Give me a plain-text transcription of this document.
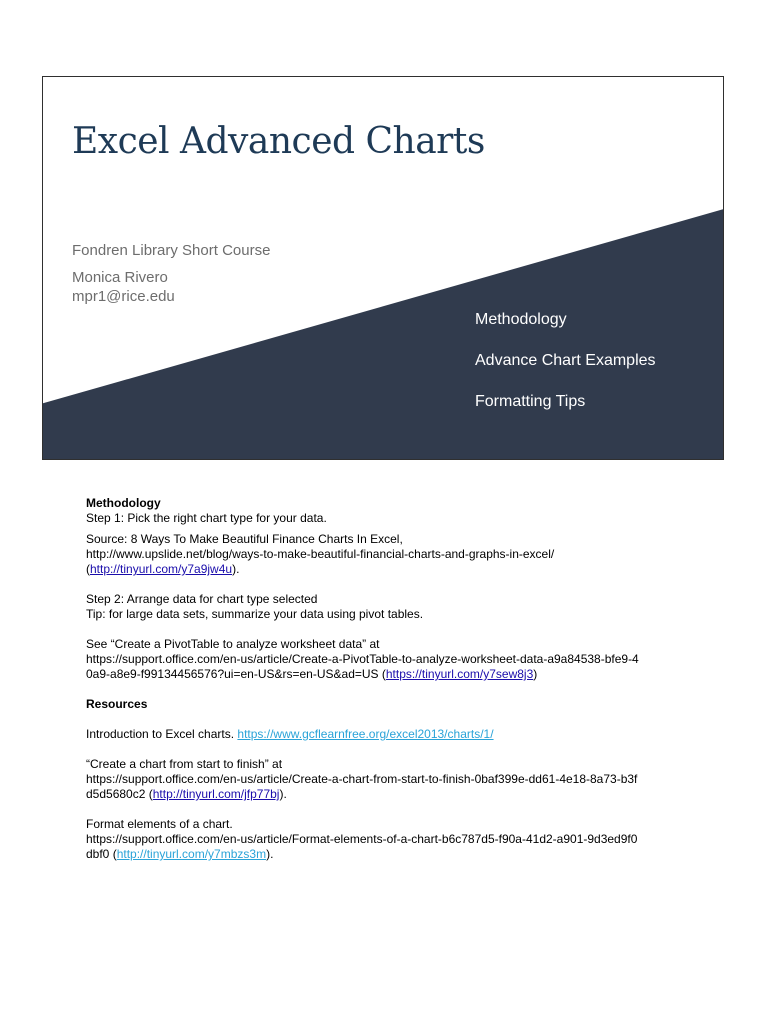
Excel Advanced Charts
Fondren Library Short Course
Monica Rivero
mpr1@rice.edu
Methodology
Advance Chart Examples
Formatting Tips

Methodology

Step 1: Pick the right chart type for your data.

Source: 8 Ways To Make Beautiful Finance Charts In Excel,

http://www.upslide.net/blog/ways-to-make-beautiful-financial-charts-and-graphs-in-excel/

(http://tinyurl.com/y7a9jw4u).

Step 2: Arrange data for chart type selected

Tip: for large data sets, summarize your data using pivot tables.

See “Create a PivotTable to analyze worksheet data” at

https://support.office.com/en-us/article/Create-a-PivotTable-to-analyze-worksheet-data-a9a84538-bfe9-4

0a9-a8e9-f99134456576?ui=en-US&rs=en-US&ad=US (https://tinyurl.com/y7sew8j3)

Resources

Introduction to Excel charts. https://www.gcflearnfree.org/excel2013/charts/1/

“Create a chart from start to finish” at

https://support.office.com/en-us/article/Create-a-chart-from-start-to-finish-0baf399e-dd61-4e18-8a73-b3f

d5d5680c2 (http://tinyurl.com/jfp77bj).

Format elements of a chart.

https://support.office.com/en-us/article/Format-elements-of-a-chart-b6c787d5-f90a-41d2-a901-9d3ed9f0

dbf0 (http://tinyurl.com/y7mbzs3m).
